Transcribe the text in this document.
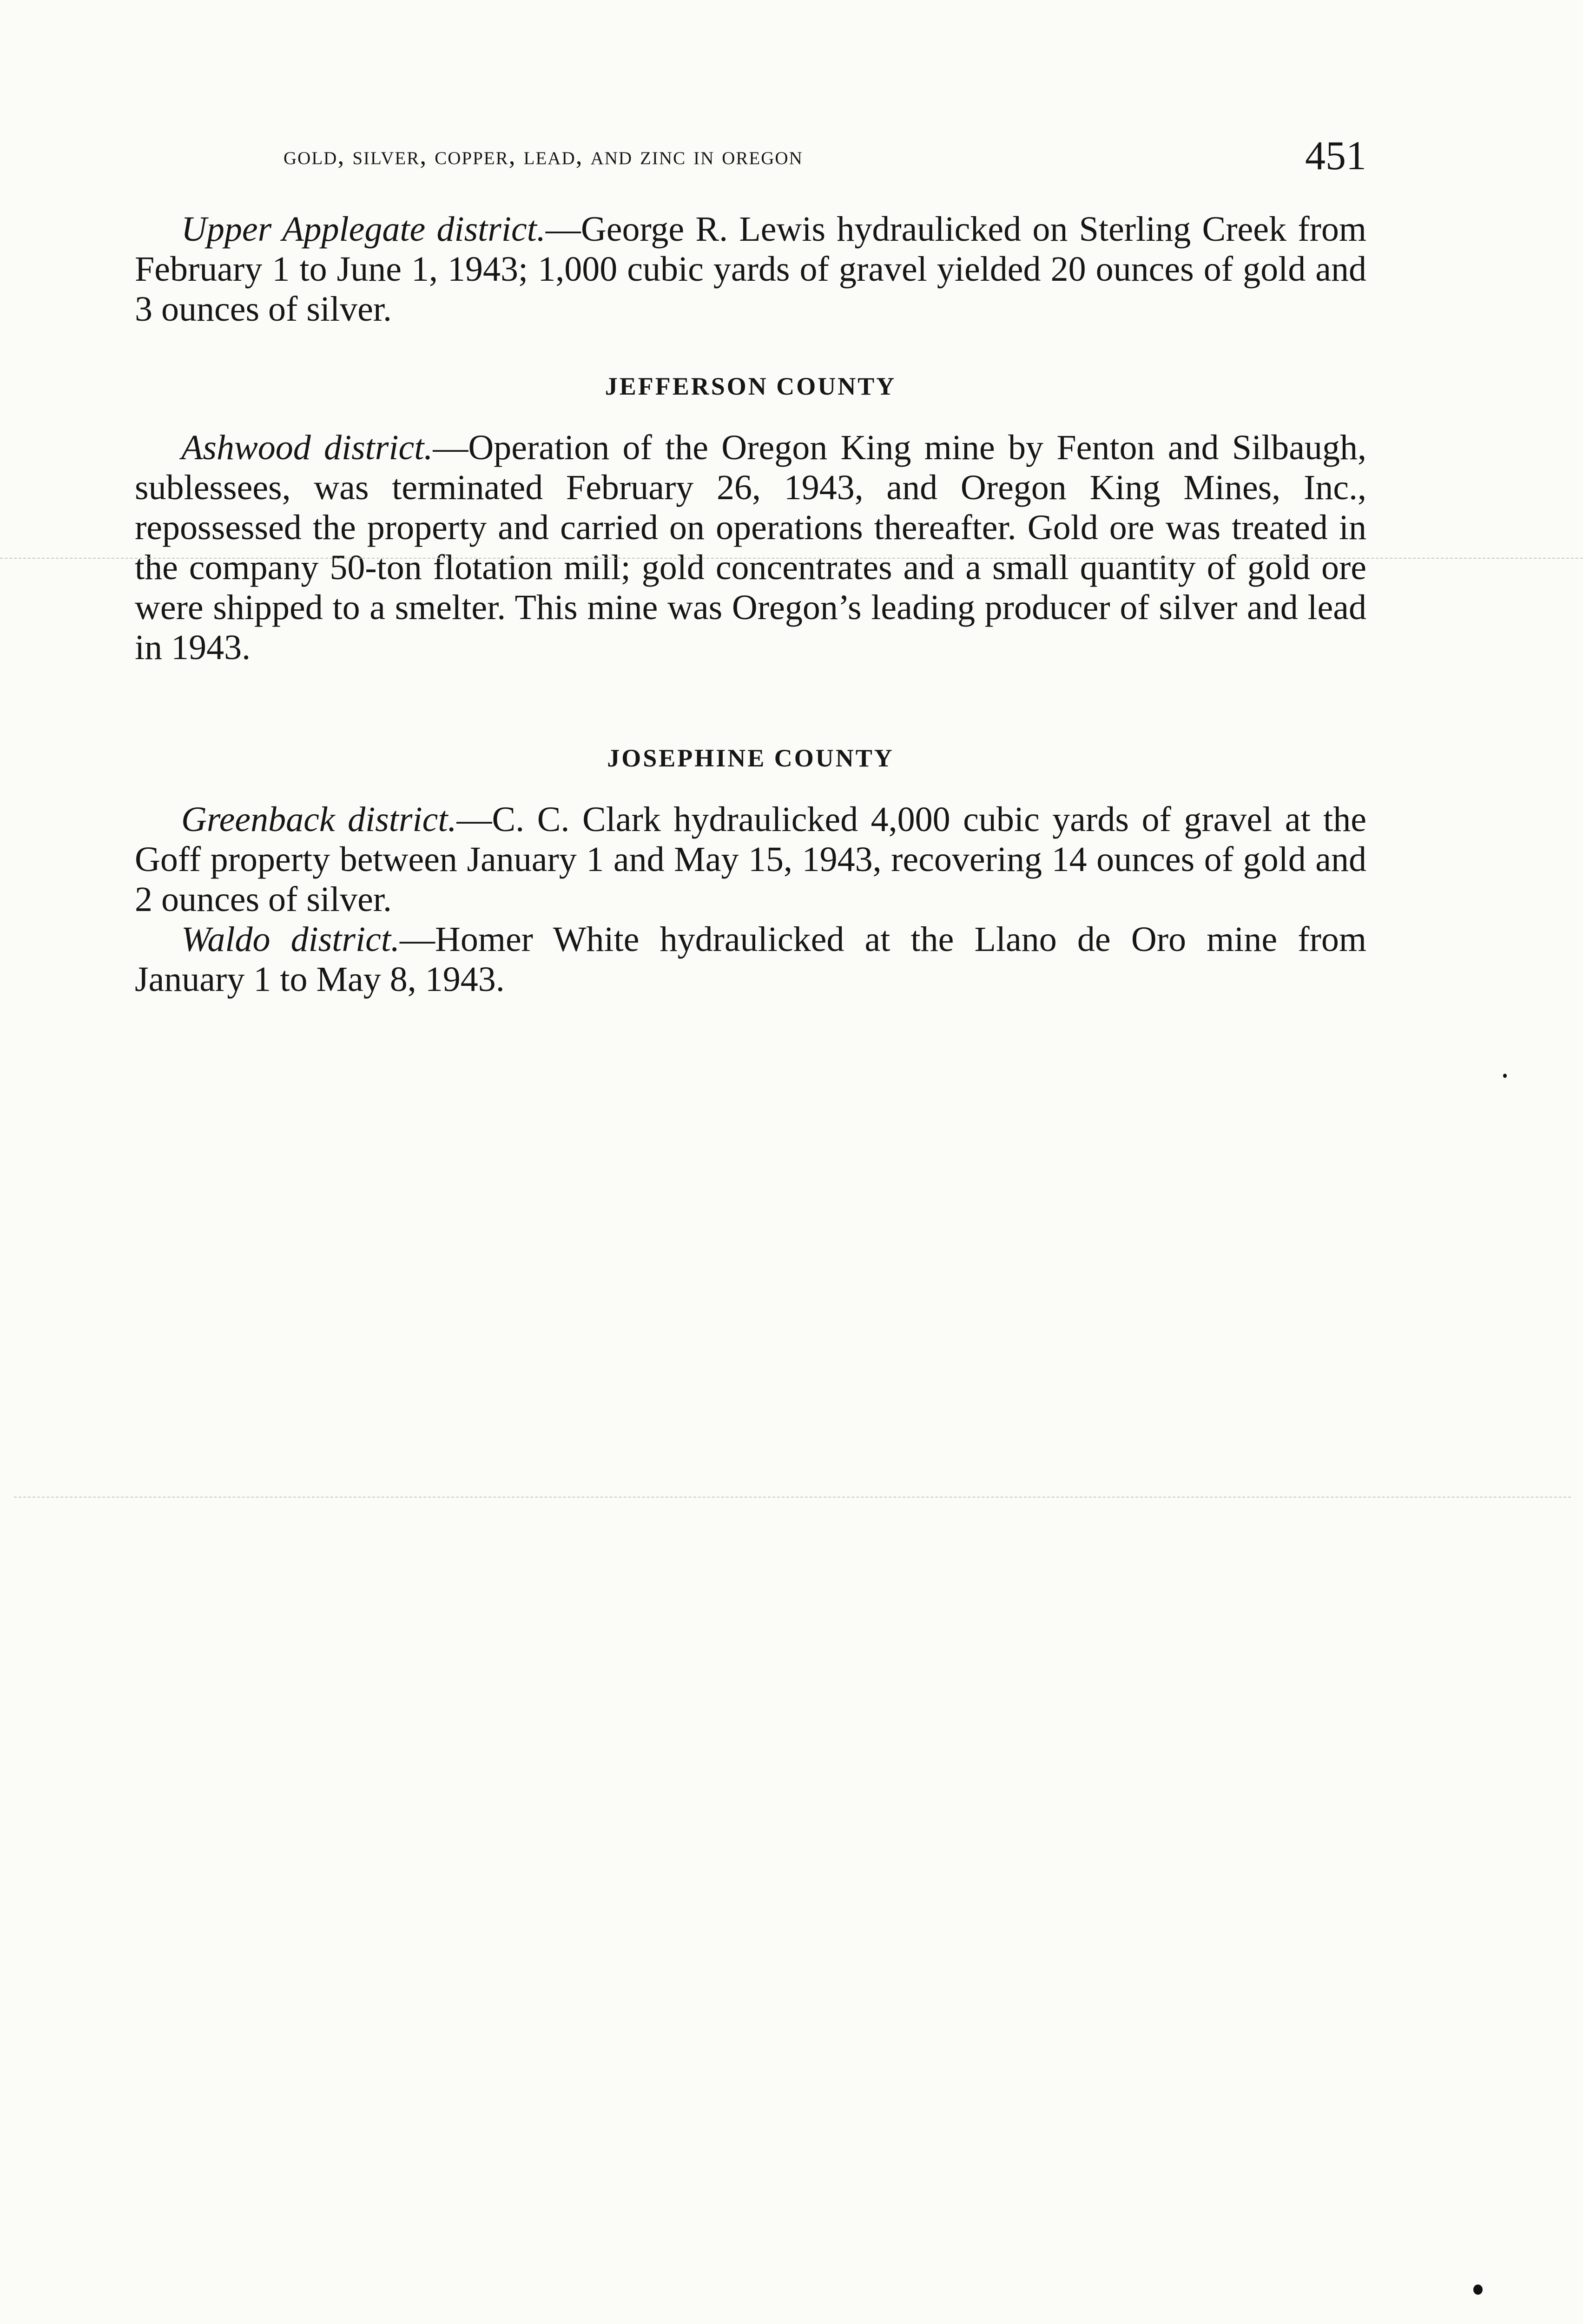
gold, silver, copper, lead, and zinc in oregon	451

Upper Applegate district.—George R. Lewis hydraulicked on Sterling Creek from February 1 to June 1, 1943; 1,000 cubic yards of gravel yielded 20 ounces of gold and 3 ounces of silver.

JEFFERSON COUNTY

Ashwood district.—Operation of the Oregon King mine by Fenton and Silbaugh, sublessees, was terminated February 26, 1943, and Oregon King Mines, Inc., repossessed the property and carried on operations thereafter. Gold ore was treated in the company 50-ton flotation mill; gold concentrates and a small quantity of gold ore were shipped to a smelter. This mine was Oregon’s leading producer of silver and lead in 1943.

JOSEPHINE COUNTY

Greenback district.—C. C. Clark hydraulicked 4,000 cubic yards of gravel at the Goff property between January 1 and May 15, 1943, recovering 14 ounces of gold and 2 ounces of silver.

Waldo district.—Homer White hydraulicked at the Llano de Oro mine from January 1 to May 8, 1943.
